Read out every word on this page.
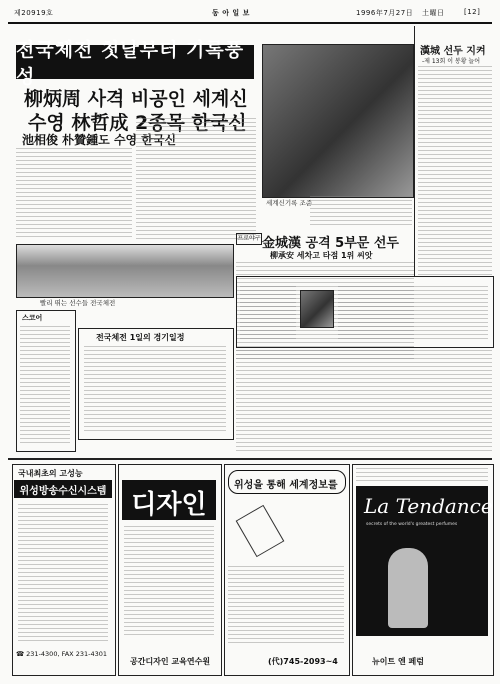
제20919호	동 아 일 보	1996年7月27日 土曜日	[12]
전국체전 첫날부터 기록풍성
柳炳周 사격 비공인 세계신
수영 林哲成 2종목 한국신
池相俊 朴贊鍾도 수영 한국신
세계신기록 조준
漢城 선두 지켜
-제 13회 이 봉황 늘어
金城漢 공격 5부문 선두
柳承安 세차고 타점 1위 씨앗
프로야구
빨리 뛰는 선수들 전국체전
스코어
전국체전 1일의 경기일정
국내최초의 고성능
위성방송수신시스템
☎ 231-4300, FAX 231-4301
디자인
공간디자인 교육연수원
위성을 통해 세계정보를
(代)745-2093~4
La Tendance
secrets of the world's greatest perfumes
뉴이트 엔 페럼
